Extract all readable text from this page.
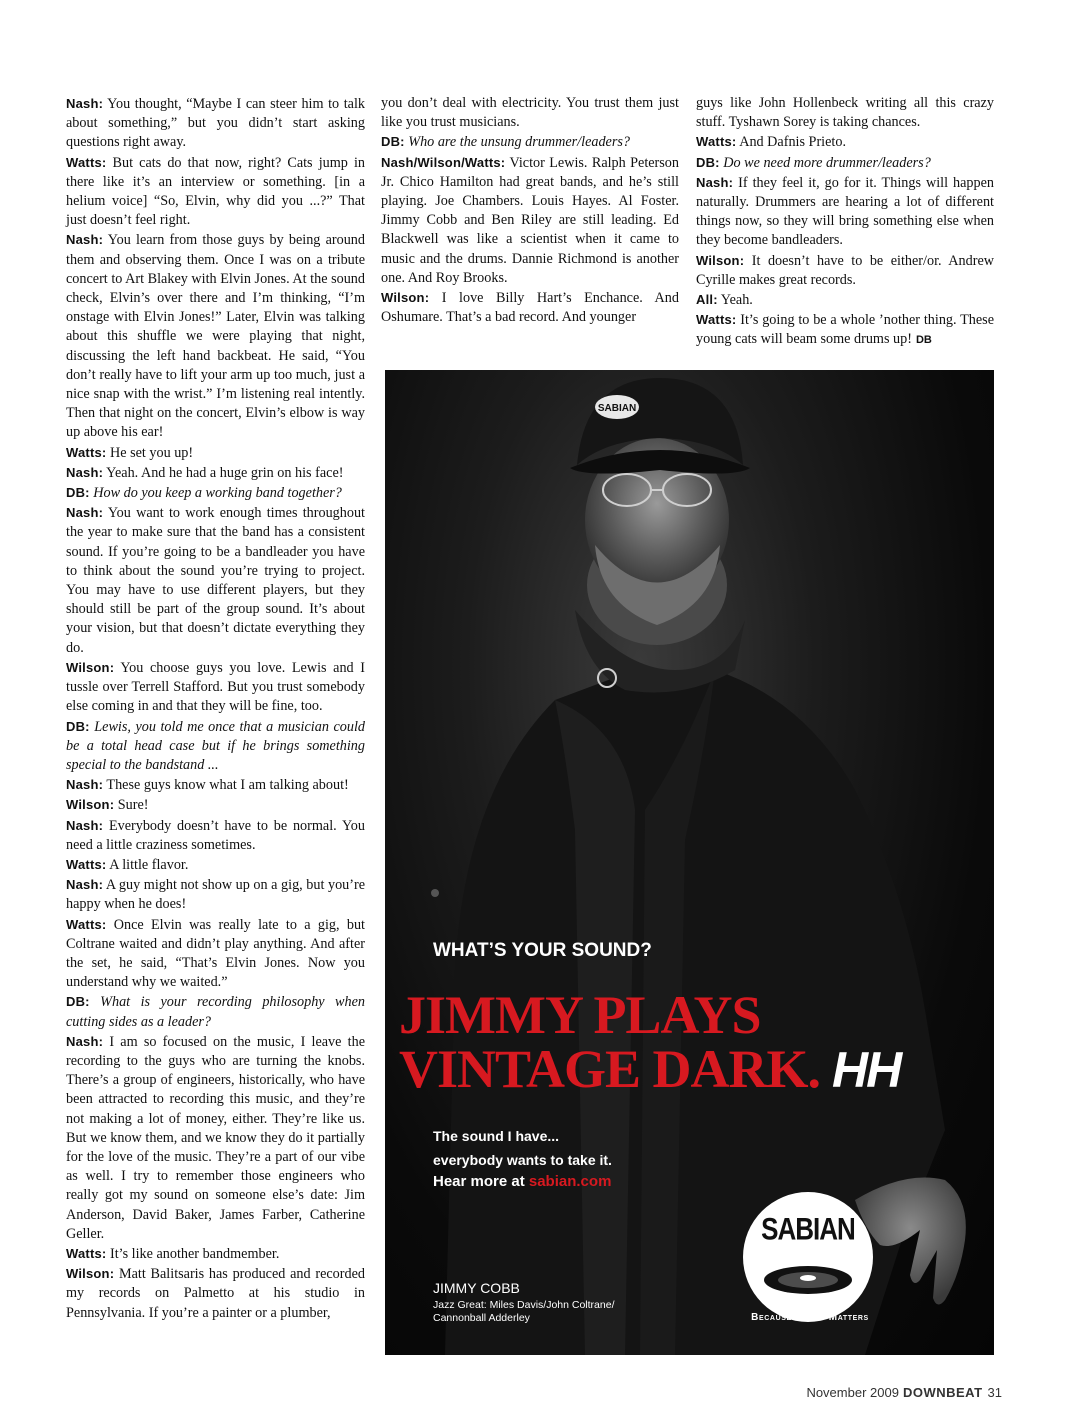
Nash: You thought, “Maybe I can steer him to talk about something,” but you didn’t start asking questions right away.

Watts: But cats do that now, right? Cats jump in there like it’s an interview or something. [in a helium voice] “So, Elvin, why did you ...?” That just doesn’t feel right.

Nash: You learn from those guys by being around them and observing them. Once I was on a tribute concert to Art Blakey with Elvin Jones. At the sound check, Elvin’s over there and I’m thinking, “I’m onstage with Elvin Jones!” Later, Elvin was talking about this shuffle we were playing that night, discussing the left hand backbeat. He said, “You don’t really have to lift your arm up too much, just a nice snap with the wrist.” I’m listening real intently. Then that night on the concert, Elvin’s elbow is way up above his ear!

Watts: He set you up!

Nash: Yeah. And he had a huge grin on his face!

DB: How do you keep a working band together?

Nash: You want to work enough times throughout the year to make sure that the band has a consistent sound. If you’re going to be a bandleader you have to think about the sound you’re trying to project. You may have to use different players, but they should still be part of the group sound. It’s about your vision, but that doesn’t dictate everything they do.

Wilson: You choose guys you love. Lewis and I tussle over Terrell Stafford. But you trust somebody else coming in and that they will be fine, too.

DB: Lewis, you told me once that a musician could be a total head case but if he brings something special to the bandstand ...

Nash: These guys know what I am talking about!

Wilson: Sure!

Nash: Everybody doesn’t have to be normal. You need a little craziness sometimes.

Watts: A little flavor.

Nash: A guy might not show up on a gig, but you’re happy when he does!

Watts: Once Elvin was really late to a gig, but Coltrane waited and didn’t play anything. And after the set, he said, “That’s Elvin Jones. Now you understand why we waited.”

DB: What is your recording philosophy when cutting sides as a leader?

Nash: I am so focused on the music, I leave the recording to the guys who are turning the knobs. There’s a group of engineers, historically, who have been attracted to recording this music, and they’re not making a lot of money, either. They’re like us. But we know them, and we know they do it partially for the love of the music. They’re a part of our vibe as well. I try to remember those engineers who really got my sound on someone else’s date: Jim Anderson, David Baker, James Farber, Catherine Geller.

Watts: It’s like another bandmember.

Wilson: Matt Balitsaris has produced and recorded my records on Palmetto at his studio in Pennsylvania. If you’re a painter or a plumber,

you don’t deal with electricity. You trust them just like you trust musicians.

DB: Who are the unsung drummer/leaders?

Nash/Wilson/Watts: Victor Lewis. Ralph Peterson Jr. Chico Hamilton had great bands, and he’s still playing. Joe Chambers. Louis Hayes. Al Foster. Jimmy Cobb and Ben Riley are still leading. Ed Blackwell was like a scientist when it came to music and the drums. Dannie Richmond is another one. And Roy Brooks.

Wilson: I love Billy Hart’s Enchance. And Oshumare. That’s a bad record. And younger

guys like John Hollenbeck writing all this crazy stuff. Tyshawn Sorey is taking chances.

Watts: And Dafnis Prieto.

DB: Do we need more drummer/leaders?

Nash: If they feel it, go for it. Things will happen naturally. Drummers are hearing a lot of different things now, so they will bring something else when they become bandleaders.

Wilson: It doesn’t have to be either/or. Andrew Cyrille makes great records.

All: Yeah.

Watts: It’s going to be a whole ’nother thing. These young cats will beam some drums up! DB

SABIAN
WHAT’S YOUR SOUND?
JIMMY PLAYS
VINTAGE DARK. HH
The sound I have...
everybody wants to take it.
Hear more at sabian.com
JIMMY COBB
Jazz Great: Miles Davis/John Coltrane/
Cannonball Adderley
SABIAN
Because Sound Matters
November 2009 DOWNBEAT 31
